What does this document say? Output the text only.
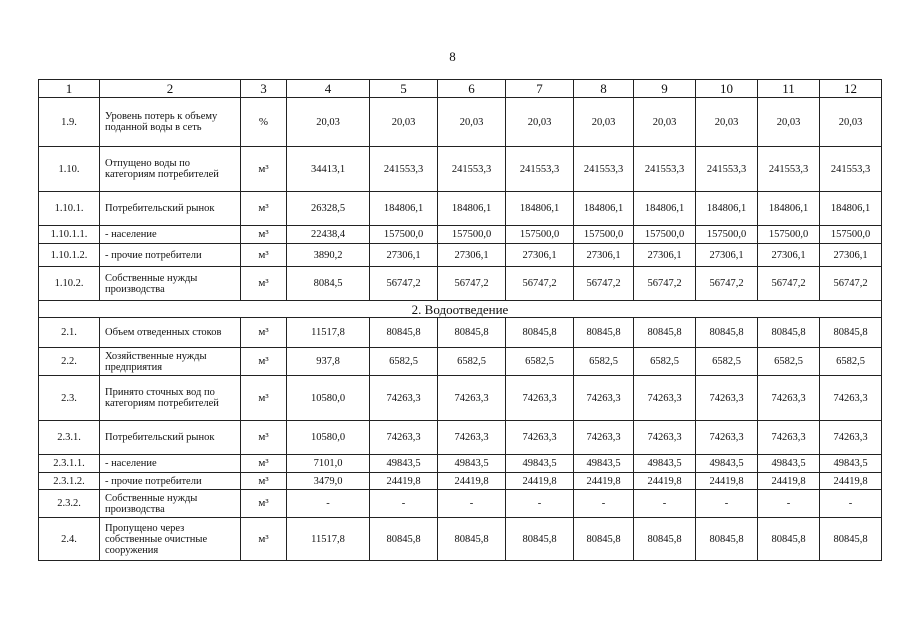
8
1	2	3	4	5	6	7	8	9	10	11	12
1.9.	Уровень потерь к объему поданной воды в сеть	%	20,03	20,03	20,03	20,03	20,03	20,03	20,03	20,03	20,03
1.10.	Отпущено воды по категориям потребителей	м³	34413,1	241553,3	241553,3	241553,3	241553,3	241553,3	241553,3	241553,3	241553,3
1.10.1.	Потребительский рынок	м³	26328,5	184806,1	184806,1	184806,1	184806,1	184806,1	184806,1	184806,1	184806,1
1.10.1.1.	- население	м³	22438,4	157500,0	157500,0	157500,0	157500,0	157500,0	157500,0	157500,0	157500,0
1.10.1.2.	- прочие потребители	м³	3890,2	27306,1	27306,1	27306,1	27306,1	27306,1	27306,1	27306,1	27306,1
1.10.2.	Собственные нужды производства	м³	8084,5	56747,2	56747,2	56747,2	56747,2	56747,2	56747,2	56747,2	56747,2
2. Водоотведение											
2.1.	Объем отведенных стоков	м³	11517,8	80845,8	80845,8	80845,8	80845,8	80845,8	80845,8	80845,8	80845,8
2.2.	Хозяйственные нужды предприятия	м³	937,8	6582,5	6582,5	6582,5	6582,5	6582,5	6582,5	6582,5	6582,5
2.3.	Принято сточных вод по категориям потребителей	м³	10580,0	74263,3	74263,3	74263,3	74263,3	74263,3	74263,3	74263,3	74263,3
2.3.1.	Потребительский рынок	м³	10580,0	74263,3	74263,3	74263,3	74263,3	74263,3	74263,3	74263,3	74263,3
2.3.1.1.	- население	м³	7101,0	49843,5	49843,5	49843,5	49843,5	49843,5	49843,5	49843,5	49843,5
2.3.1.2.	- прочие потребители	м³	3479,0	24419,8	24419,8	24419,8	24419,8	24419,8	24419,8	24419,8	24419,8
2.3.2.	Собственные нужды производства	м³	-	-	-	-	-	-	-	-	-
2.4.	Пропущено через собственные очистные сооружения	м³	11517,8	80845,8	80845,8	80845,8	80845,8	80845,8	80845,8	80845,8	80845,8
